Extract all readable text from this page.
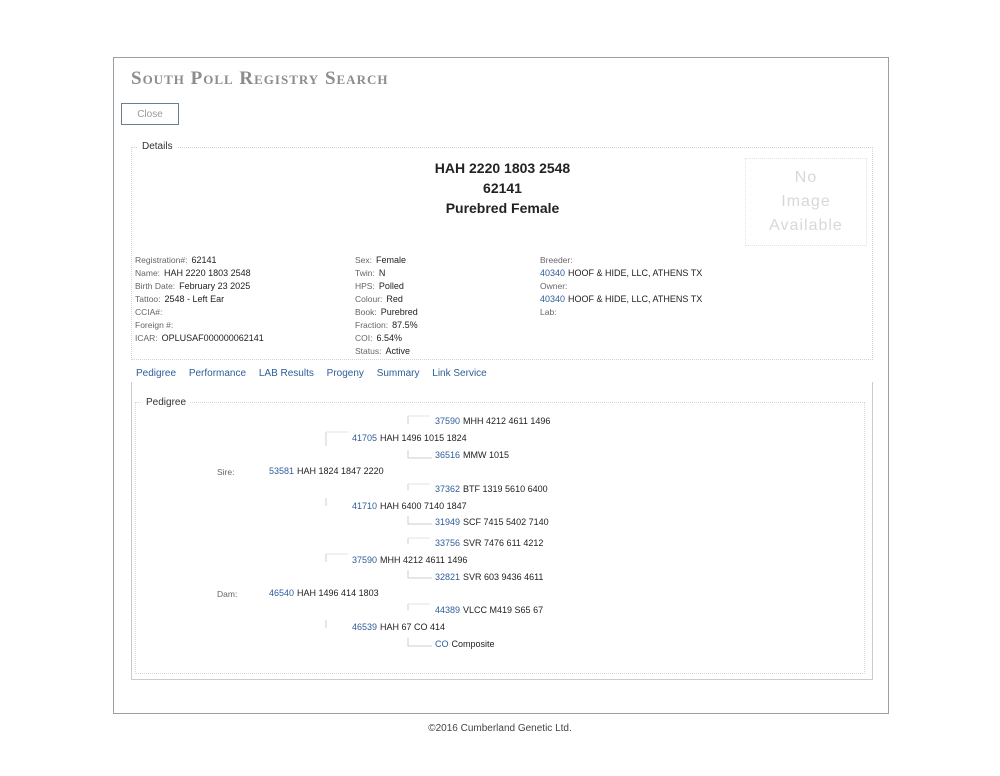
South Poll Registry Search
Close
Details
HAH 2220 1803 2548
62141
Purebred Female
No
Image
Available
Registration#: 62141
Name: HAH 2220 1803 2548
Birth Date: February 23 2025
Tattoo: 2548 - Left Ear
CCIA#:
Foreign #:
ICAR: OPLUSAF000000062141
Sex: Female
Twin: N
HPS: Polled
Colour: Red
Book: Purebred
Fraction: 87.5%
COI: 6.54%
Status: Active
Breeder:
40340 HOOF & HIDE, LLC, ATHENS TX
Owner:
40340 HOOF & HIDE, LLC, ATHENS TX
Lab:
Pedigree Performance LAB Results Progeny Summary Link Service
Pedigree
37590 MHH 4212 4611 1496
41705 HAH 1496 1015 1824
36516 MMW 1015
Sire:	53581 HAH 1824 1847 2220
37362 BTF 1319 5610 6400
41710 HAH 6400 7140 1847
31949 SCF 7415 5402 7140
33756 SVR 7476 611 4212
37590 MHH 4212 4611 1496
32821 SVR 603 9436 4611
Dam:	46540 HAH 1496 414 1803
44389 VLCC M419 S65 67
46539 HAH 67 CO 414
CO Composite
©2016 Cumberland Genetic Ltd.
